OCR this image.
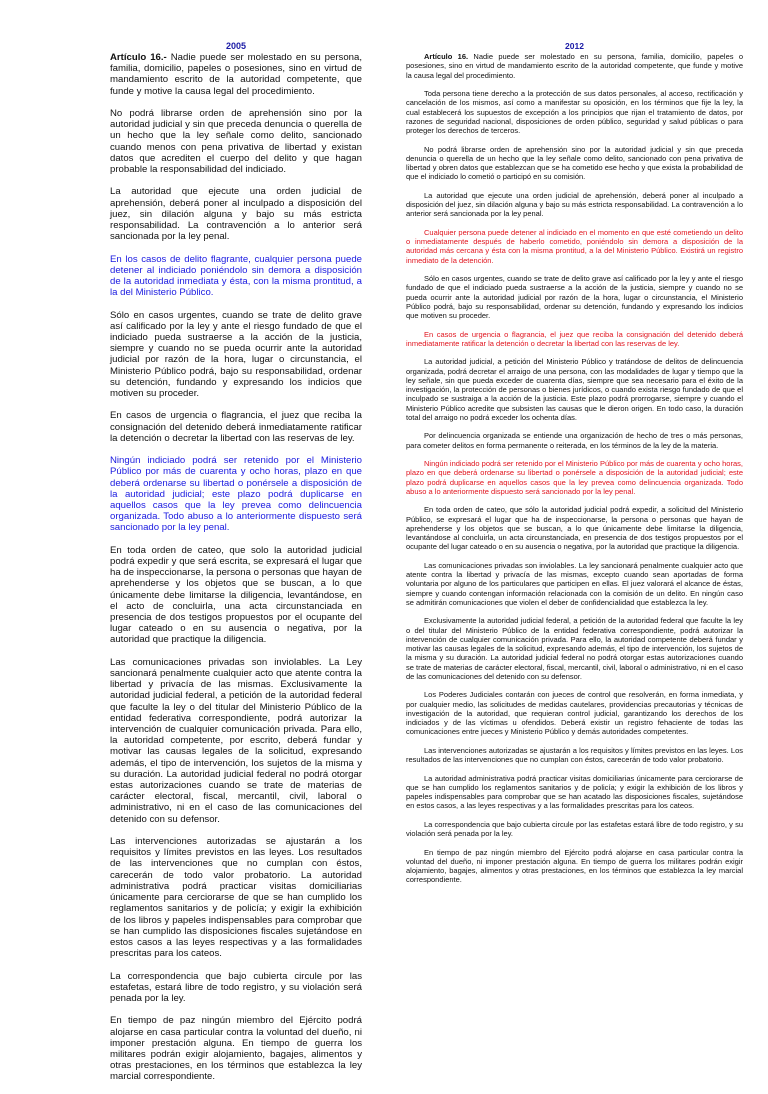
2005

Artículo 16.- Nadie puede ser molestado en su persona, familia, domicilio, papeles o posesiones, sino en virtud de mandamiento escrito de la autoridad competente, que funde y motive la causa legal del procedimiento.

No podrá librarse orden de aprehensión sino por la autoridad judicial y sin que preceda denuncia o querella de un hecho que la ley señale como delito, sancionado cuando menos con pena privativa de libertad y existan datos que acrediten el cuerpo del delito y que hagan probable la responsabilidad del indiciado.

La autoridad que ejecute una orden judicial de aprehensión, deberá poner al inculpado a disposición del juez, sin dilación alguna y bajo su más estricta responsabilidad. La contravención a lo anterior será sancionada por la ley penal.

En los casos de delito flagrante, cualquier persona puede detener al indiciado poniéndolo sin demora a disposición de la autoridad inmediata y ésta, con la misma prontitud, a la del Ministerio Público.

Sólo en casos urgentes, cuando se trate de delito grave así calificado por la ley y ante el riesgo fundado de que el indiciado pueda sustraerse a la acción de la justicia, siempre y cuando no se pueda ocurrir ante la autoridad judicial por razón de la hora, lugar o circunstancia, el Ministerio Público podrá, bajo su responsabilidad, ordenar su detención, fundando y expresando los indicios que motiven su proceder.

En casos de urgencia o flagrancia, el juez que reciba la consignación del detenido deberá inmediatamente ratificar la detención o decretar la libertad con las reservas de ley.

Ningún indiciado podrá ser retenido por el Ministerio Público por más de cuarenta y ocho horas, plazo en que deberá ordenarse su libertad o ponérsele a disposición de la autoridad judicial; este plazo podrá duplicarse en aquellos casos que la ley prevea como delincuencia organizada. Todo abuso a lo anteriormente dispuesto será sancionado por la ley penal.

En toda orden de cateo, que solo la autoridad judicial podrá expedir y que será escrita, se expresará el lugar que ha de inspeccionarse, la persona o personas que hayan de aprehenderse y los objetos que se buscan, a lo que únicamente debe limitarse la diligencia, levantándose, en el acto de concluirla, una acta circunstanciada en presencia de dos testigos propuestos por el ocupante del lugar cateado o en su ausencia o negativa, por la autoridad que practique la diligencia.

Las comunicaciones privadas son inviolables. La Ley sancionará penalmente cualquier acto que atente contra la libertad y privacía de las mismas. Exclusivamente la autoridad judicial federal, a petición de la autoridad federal que faculte la ley o del titular del Ministerio Público de la entidad federativa correspondiente, podrá autorizar la intervención de cualquier comunicación privada. Para ello, la autoridad competente, por escrito, deberá fundar y motivar las causas legales de la solicitud, expresando además, el tipo de intervención, los sujetos de la misma y su duración. La autoridad judicial federal no podrá otorgar estas autorizaciones cuando se trate de materias de carácter electoral, fiscal, mercantil, civil, laboral o administrativo, ni en el caso de las comunicaciones del detenido con su defensor.

Las intervenciones autorizadas se ajustarán a los requisitos y límites previstos en las leyes. Los resultados de las intervenciones que no cumplan con éstos, carecerán de todo valor probatorio. La autoridad administrativa podrá practicar visitas domiciliarias únicamente para cerciorarse de que se han cumplido los reglamentos sanitarios y de policía; y exigir la exhibición de los libros y papeles indispensables para comprobar que se han cumplido las disposiciones fiscales sujetándose en estos casos a las leyes respectivas y a las formalidades prescritas para los cateos.

La correspondencia que bajo cubierta circule por las estafetas, estará libre de todo registro, y su violación será penada por la ley.

En tiempo de paz ningún miembro del Ejército podrá alojarse en casa particular contra la voluntad del dueño, ni imponer prestación alguna. En tiempo de guerra los militares podrán exigir alojamiento, bagajes, alimentos y otras prestaciones, en los términos que establezca la ley marcial correspondiente.

2012

Artículo 16. Nadie puede ser molestado en su persona, familia, domicilio, papeles o posesiones, sino en virtud de mandamiento escrito de la autoridad competente, que funde y motive la causa legal del procedimiento.

Toda persona tiene derecho a la protección de sus datos personales, al acceso, rectificación y cancelación de los mismos, así como a manifestar su oposición, en los términos que fije la ley, la cual establecerá los supuestos de excepción a los principios que rijan el tratamiento de datos, por razones de seguridad nacional, disposiciones de orden público, seguridad y salud públicas o para proteger los derechos de terceros.

No podrá librarse orden de aprehensión sino por la autoridad judicial y sin que preceda denuncia o querella de un hecho que la ley señale como delito, sancionado con pena privativa de libertad y obren datos que establezcan que se ha cometido ese hecho y que exista la probabilidad de que el indiciado lo cometió o participó en su comisión.

La autoridad que ejecute una orden judicial de aprehensión, deberá poner al inculpado a disposición del juez, sin dilación alguna y bajo su más estricta responsabilidad. La contravención a lo anterior será sancionada por la ley penal.

Cualquier persona puede detener al indiciado en el momento en que esté cometiendo un delito o inmediatamente después de haberlo cometido, poniéndolo sin demora a disposición de la autoridad más cercana y ésta con la misma prontitud, a la del Ministerio Público. Existirá un registro inmediato de la detención.

Sólo en casos urgentes, cuando se trate de delito grave así calificado por la ley y ante el riesgo fundado de que el indiciado pueda sustraerse a la acción de la justicia, siempre y cuando no se pueda ocurrir ante la autoridad judicial por razón de la hora, lugar o circunstancia, el Ministerio Público podrá, bajo su responsabilidad, ordenar su detención, fundando y expresando los indicios que motiven su proceder.

En casos de urgencia o flagrancia, el juez que reciba la consignación del detenido deberá inmediatamente ratificar la detención o decretar la libertad con las reservas de ley.

La autoridad judicial, a petición del Ministerio Público y tratándose de delitos de delincuencia organizada, podrá decretar el arraigo de una persona, con las modalidades de lugar y tiempo que la ley señale, sin que pueda exceder de cuarenta días, siempre que sea necesario para el éxito de la investigación, la protección de personas o bienes jurídicos, o cuando exista riesgo fundado de que el inculpado se sustraiga a la acción de la justicia. Este plazo podrá prorrogarse, siempre y cuando el Ministerio Público acredite que subsisten las causas que le dieron origen. En todo caso, la duración total del arraigo no podrá exceder los ochenta días.

Por delincuencia organizada se entiende una organización de hecho de tres o más personas, para cometer delitos en forma permanente o reiterada, en los términos de la ley de la materia.

Ningún indiciado podrá ser retenido por el Ministerio Público por más de cuarenta y ocho horas, plazo en que deberá ordenarse su libertad o ponérsele a disposición de la autoridad judicial; este plazo podrá duplicarse en aquellos casos que la ley prevea como delincuencia organizada. Todo abuso a lo anteriormente dispuesto será sancionado por la ley penal.

En toda orden de cateo, que sólo la autoridad judicial podrá expedir, a solicitud del Ministerio Público, se expresará el lugar que ha de inspeccionarse, la persona o personas que hayan de aprehenderse y los objetos que se buscan, a lo que únicamente debe limitarse la diligencia, levantándose al concluirla, un acta circunstanciada, en presencia de dos testigos propuestos por el ocupante del lugar cateado o en su ausencia o negativa, por la autoridad que practique la diligencia.

Las comunicaciones privadas son inviolables. La ley sancionará penalmente cualquier acto que atente contra la libertad y privacía de las mismas, excepto cuando sean aportadas de forma voluntaria por alguno de los particulares que participen en ellas. El juez valorará el alcance de éstas, siempre y cuando contengan información relacionada con la comisión de un delito. En ningún caso se admitirán comunicaciones que violen el deber de confidencialidad que establezca la ley.

Exclusivamente la autoridad judicial federal, a petición de la autoridad federal que faculte la ley o del titular del Ministerio Público de la entidad federativa correspondiente, podrá autorizar la intervención de cualquier comunicación privada. Para ello, la autoridad competente deberá fundar y motivar las causas legales de la solicitud, expresando además, el tipo de intervención, los sujetos de la misma y su duración. La autoridad judicial federal no podrá otorgar estas autorizaciones cuando se trate de materias de carácter electoral, fiscal, mercantil, civil, laboral o administrativo, ni en el caso de las comunicaciones del detenido con su defensor.

Los Poderes Judiciales contarán con jueces de control que resolverán, en forma inmediata, y por cualquier medio, las solicitudes de medidas cautelares, providencias precautorias y técnicas de investigación de la autoridad, que requieran control judicial, garantizando los derechos de los indiciados y de las víctimas u ofendidos. Deberá existir un registro fehaciente de todas las comunicaciones entre jueces y Ministerio Público y demás autoridades competentes.

Las intervenciones autorizadas se ajustarán a los requisitos y límites previstos en las leyes. Los resultados de las intervenciones que no cumplan con éstos, carecerán de todo valor probatorio.

La autoridad administrativa podrá practicar visitas domiciliarias únicamente para cerciorarse de que se han cumplido los reglamentos sanitarios y de policía; y exigir la exhibición de los libros y papeles indispensables para comprobar que se han acatado las disposiciones fiscales, sujetándose en estos casos, a las leyes respectivas y a las formalidades prescritas para los cateos.

La correspondencia que bajo cubierta circule por las estafetas estará libre de todo registro, y su violación será penada por la ley.

En tiempo de paz ningún miembro del Ejército podrá alojarse en casa particular contra la voluntad del dueño, ni imponer prestación alguna. En tiempo de guerra los militares podrán exigir alojamiento, bagajes, alimentos y otras prestaciones, en los términos que establezca la ley marcial correspondiente.
